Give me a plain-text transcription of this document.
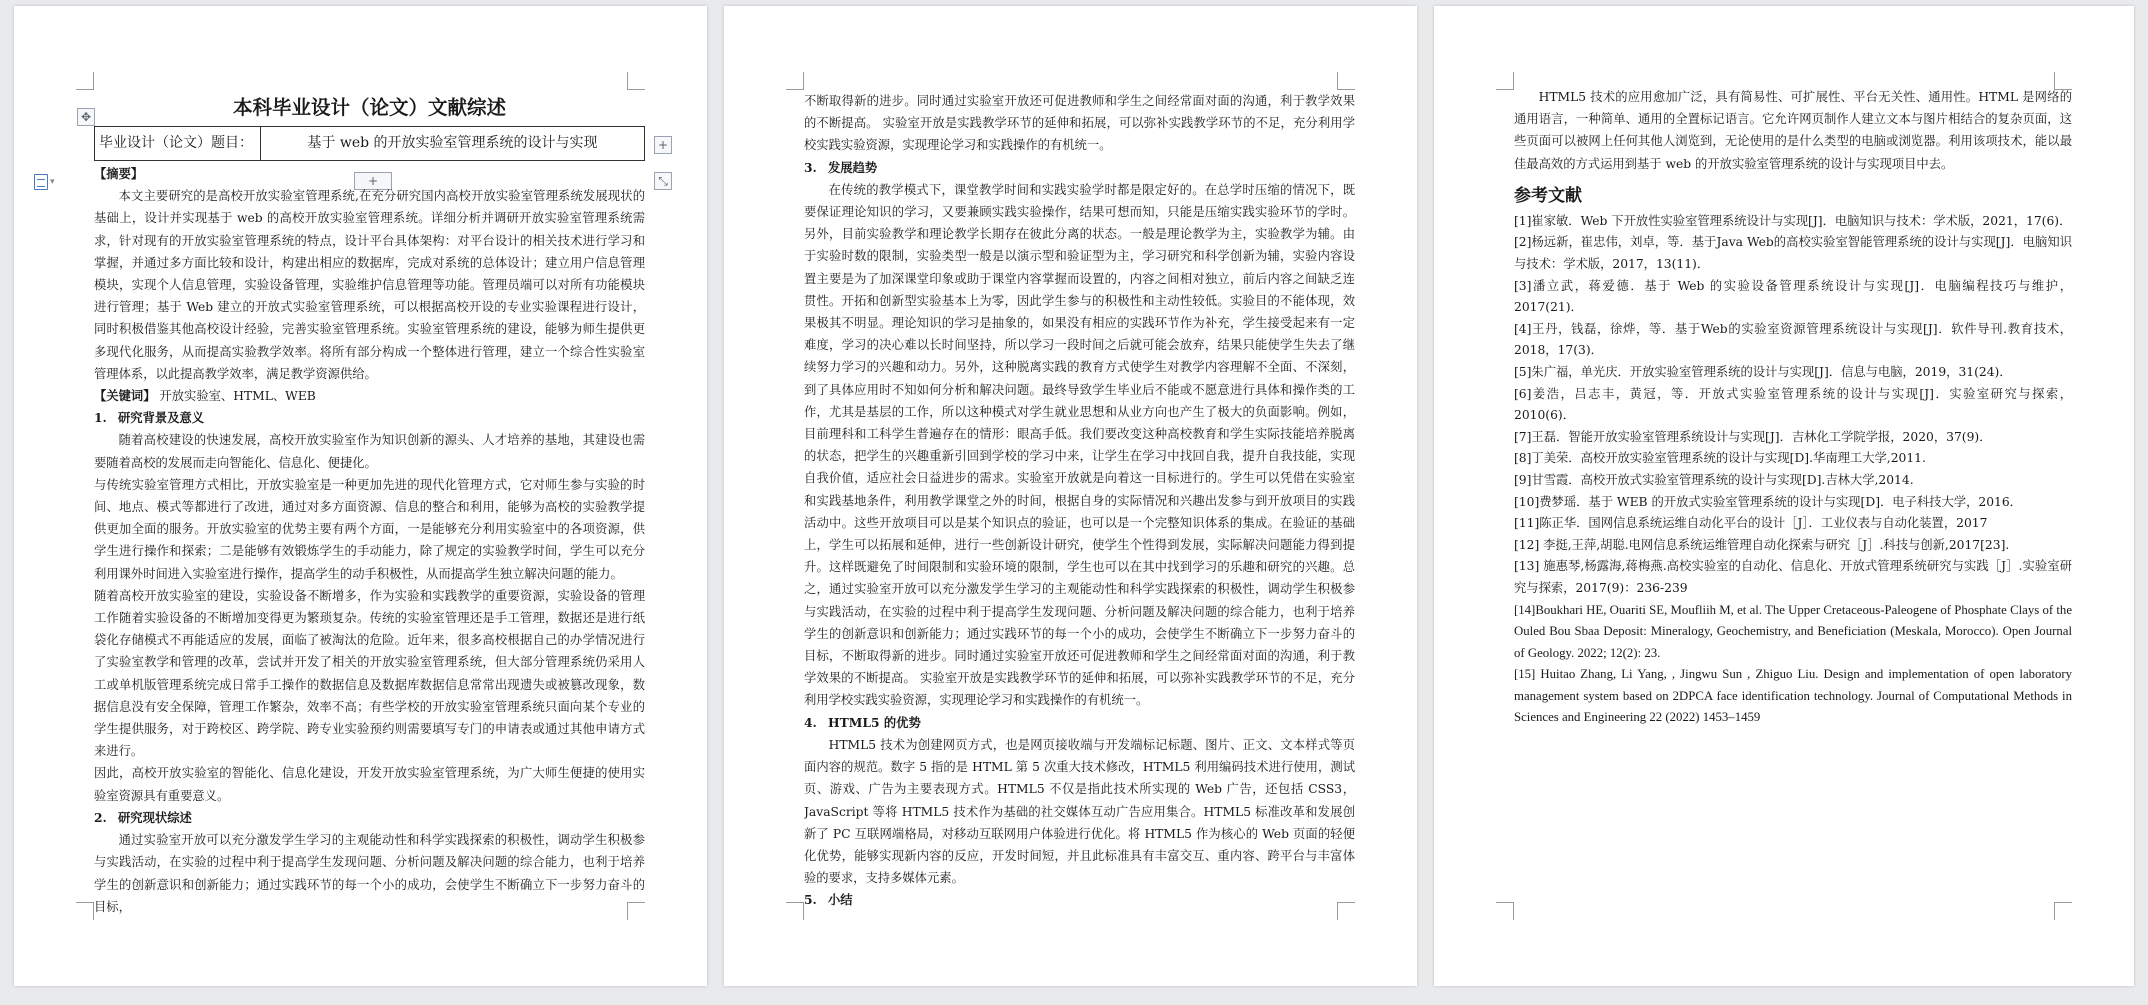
✥
+
+	⤡
▾
本科毕业设计（论文）文献综述
毕业设计（论文）题目：	基于 web 的开放实验室管理系统的设计与实现

【摘要】

本文主要研究的是高校开放实验室管理系统,在充分研究国内高校开放实验室管理系统发展现状的基础上，设计并实现基于 web 的高校开放实验室管理系统。详细分析并调研开放实验室管理系统需求，针对现有的开放实验室管理系统的特点，设计平台具体架构：对平台设计的相关技术进行学习和掌握，并通过多方面比较和设计，构建出相应的数据库，完成对系统的总体设计；建立用户信息管理模块，实现个人信息管理，实验设备管理，实验维护信息管理等功能。管理员端可以对所有功能模块进行管理；基于 Web 建立的开放式实验室管理系统，可以根据高校开设的专业实验课程进行设计，同时积极借鉴其他高校设计经验，完善实验室管理系统。实验室管理系统的建设，能够为师生提供更多现代化服务，从而提高实验教学效率。将所有部分构成一个整体进行管理，建立一个综合性实验室管理体系，以此提高教学效率，满足教学资源供给。

【关键词】 开放实验室、HTML、WEB

1. 研究背景及意义

随着高校建设的快速发展，高校开放实验室作为知识创新的源头、人才培养的基地，其建设也需要随着高校的发展而走向智能化、信息化、便捷化。

与传统实验室管理方式相比，开放实验室是一种更加先进的现代化管理方式，它对师生参与实验的时间、地点、模式等都进行了改进，通过对多方面资源、信息的整合和利用，能够为高校的实验教学提供更加全面的服务。开放实验室的优势主要有两个方面，一是能够充分利用实验室中的各项资源，供学生进行操作和探索；二是能够有效锻炼学生的手动能力，除了规定的实验教学时间，学生可以充分利用课外时间进入实验室进行操作，提高学生的动手积极性，从而提高学生独立解决问题的能力。

随着高校开放实验室的建设，实验设备不断增多，作为实验和实践教学的重要资源，实验设备的管理工作随着实验设备的不断增加变得更为繁琐复杂。传统的实验室管理还是手工管理，数据还是进行纸袋化存储模式不再能适应的发展，面临了被淘汰的危险。近年来，很多高校根据自己的办学情况进行了实验室教学和管理的改革，尝试并开发了相关的开放实验室管理系统，但大部分管理系统仍采用人工或单机版管理系统完成日常手工操作的数据信息及数据库数据信息常常出现遗失或被篡改现象，数据信息没有安全保障，管理工作繁杂，效率不高；有些学校的开放实验室管理系统只面向某个专业的学生提供服务，对于跨校区、跨学院、跨专业实验预约则需要填写专门的申请表或通过其他申请方式来进行。

因此，高校开放实验室的智能化、信息化建设，开发开放实验室管理系统，为广大师生便捷的使用实验室资源具有重要意义。

2. 研究现状综述

通过实验室开放可以充分激发学生学习的主观能动性和科学实践探索的积极性，调动学生积极参与实践活动，在实验的过程中利于提高学生发现问题、分析问题及解决问题的综合能力，也利于培养学生的创新意识和创新能力；通过实践环节的每一个小的成功，会使学生不断确立下一步努力奋斗的目标，

不断取得新的进步。同时通过实验室开放还可促进教师和学生之间经常面对面的沟通，利于教学效果的不断提高。 实验室开放是实践教学环节的延伸和拓展，可以弥补实践教学环节的不足，充分利用学校实践实验资源，实现理论学习和实践操作的有机统一。

3. 发展趋势

在传统的教学模式下，课堂教学时间和实践实验学时都是限定好的。在总学时压缩的情况下，既要保证理论知识的学习，又要兼顾实践实验操作，结果可想而知，只能是压缩实践实验环节的学时。另外，目前实验教学和理论教学长期存在彼此分离的状态。一般是理论教学为主，实验教学为辅。由于实验时数的限制，实验类型一般是以演示型和验证型为主，学习研究和科学创新为辅，实验内容设置主要是为了加深课堂印象或助于课堂内容掌握而设置的，内容之间相对独立，前后内容之间缺乏连贯性。开拓和创新型实验基本上为零，因此学生参与的积极性和主动性较低。实验目的不能体现，效果极其不明显。理论知识的学习是抽象的，如果没有相应的实践环节作为补充，学生接受起来有一定难度，学习的决心难以长时间坚持，所以学习一段时间之后就可能会放弃，结果只能使学生失去了继续努力学习的兴趣和动力。另外，这种脱离实践的教育方式使学生对教学内容理解不全面、不深刻，到了具体应用时不知如何分析和解决问题。最终导致学生毕业后不能或不愿意进行具体和操作类的工作，尤其是基层的工作，所以这种模式对学生就业思想和从业方向也产生了极大的负面影响。例如，目前理科和工科学生普遍存在的情形：眼高手低。我们要改变这种高校教育和学生实际技能培养脱离的状态，把学生的兴趣重新引回到学校的学习中来，让学生在学习中找回自我，提升自我技能，实现自我价值，适应社会日益进步的需求。实验室开放就是向着这一目标进行的。学生可以凭借在实验室和实践基地条件，利用教学课堂之外的时间，根据自身的实际情况和兴趣出发参与到开放项目的实践活动中。这些开放项目可以是某个知识点的验证，也可以是一个完整知识体系的集成。在验证的基础上，学生可以拓展和延伸，进行一些创新设计研究，使学生个性得到发展，实际解决问题能力得到提升。这样既避免了时间限制和实验环境的限制，学生也可以在其中找到学习的乐趣和研究的兴趣。总之，通过实验室开放可以充分激发学生学习的主观能动性和科学实践探索的积极性，调动学生积极参与实践活动，在实验的过程中利于提高学生发现问题、分析问题及解决问题的综合能力，也利于培养学生的创新意识和创新能力；通过实践环节的每一个小的成功，会使学生不断确立下一步努力奋斗的目标，不断取得新的进步。同时通过实验室开放还可促进教师和学生之间经常面对面的沟通，利于教学效果的不断提高。 实验室开放是实践教学环节的延伸和拓展，可以弥补实践教学环节的不足，充分利用学校实践实验资源，实现理论学习和实践操作的有机统一。

4. HTML5 的优势

HTML5 技术为创建网页方式，也是网页接收端与开发端标记标题、图片、正文、文本样式等页面内容的规范。数字 5 指的是 HTML 第 5 次重大技术修改，HTML5 利用编码技术进行使用，测试页、游戏、广告为主要表现方式。HTML5 不仅是指此技术所实现的 Web 广告，还包括 CSS3，JavaScript 等将 HTML5 技术作为基础的社交媒体互动广告应用集合。HTML5 标准改革和发展创新了 PC 互联网端格局，对移动互联网用户体验进行优化。将 HTML5 作为核心的 Web 页面的轻便化优势，能够实现新内容的反应，开发时间短，并且此标准具有丰富交互、重内容、跨平台与丰富体验的要求，支持多媒体元素。

5. 小结

HTML5 技术的应用愈加广泛，具有简易性、可扩展性、平台无关性、通用性。HTML 是网络的通用语言，一种简单、通用的全置标记语言。它允许网页制作人建立文本与图片相结合的复杂页面，这些页面可以被网上任何其他人浏览到，无论使用的是什么类型的电脑或浏览器。利用该项技术，能以最佳最高效的方式运用到基于 web 的开放实验室管理系统的设计与实现项目中去。

参考文献

[1]崔家敏．Web 下开放性实验室管理系统设计与实现[J]．电脑知识与技术：学术版，2021，17(6)．

[2]杨远新，崔忠伟，刘卓，等．基于Java Web的高校实验室智能管理系统的设计与实现[J]．电脑知识与技术：学术版，2017，13(11)．

[3]潘立武，蒋爱德．基于 Web 的实验设备管理系统设计与实现[J]．电脑编程技巧与维护，2017(21)．

[4]王丹，钱磊，徐烨，等．基于Web的实验室资源管理系统设计与实现[J]．软件导刊.教育技术，2018，17(3)．

[5]朱广福，单光庆．开放实验室管理系统的设计与实现[J]．信息与电脑，2019，31(24)．

[6]姜浩，吕志丰，黄冠，等．开放式实验室管理系统的设计与实现[J]．实验室研究与探索，2010(6)．

[7]王磊．智能开放实验室管理系统设计与实现[J]．吉林化工学院学报，2020，37(9)．

[8]丁美荣．高校开放实验室管理系统的设计与实现[D].华南理工大学,2011.

[9]甘雪霞．高校开放式实验室管理系统的设计与实现[D].吉林大学,2014.

[10]费梦瑶．基于 WEB 的开放式实验室管理系统的设计与实现[D]．电子科技大学，2016．

[11]陈正华．国网信息系统运维自动化平台的设计［J］．工业仪表与自动化装置，2017

[12] 李挺,王萍,胡聪.电网信息系统运维管理自动化探索与研究［J］.科技与创新,2017[23].

[13] 施惠琴,杨露海,蒋梅燕.高校实验室的自动化、信息化、开放式管理系统研究与实践［J］.实验室研究与探索，2017(9)：236-239

[14]Boukhari HE, Ouariti SE, Moufliih M, et al. The Upper Cretaceous-Paleogene of Phosphate Clays of the Ouled Bou Sbaa Deposit: Mineralogy, Geochemistry, and Beneficiation (Meskala, Morocco). Open Journal of Geology. 2022; 12(2): 23.

[15] Huitao Zhang, Li Yang, , Jingwu Sun , Zhiguo Liu. Design and implementation of open laboratory management system based on 2DPCA face identification technology. Journal of Computational Methods in Sciences and Engineering 22 (2022) 1453–1459
